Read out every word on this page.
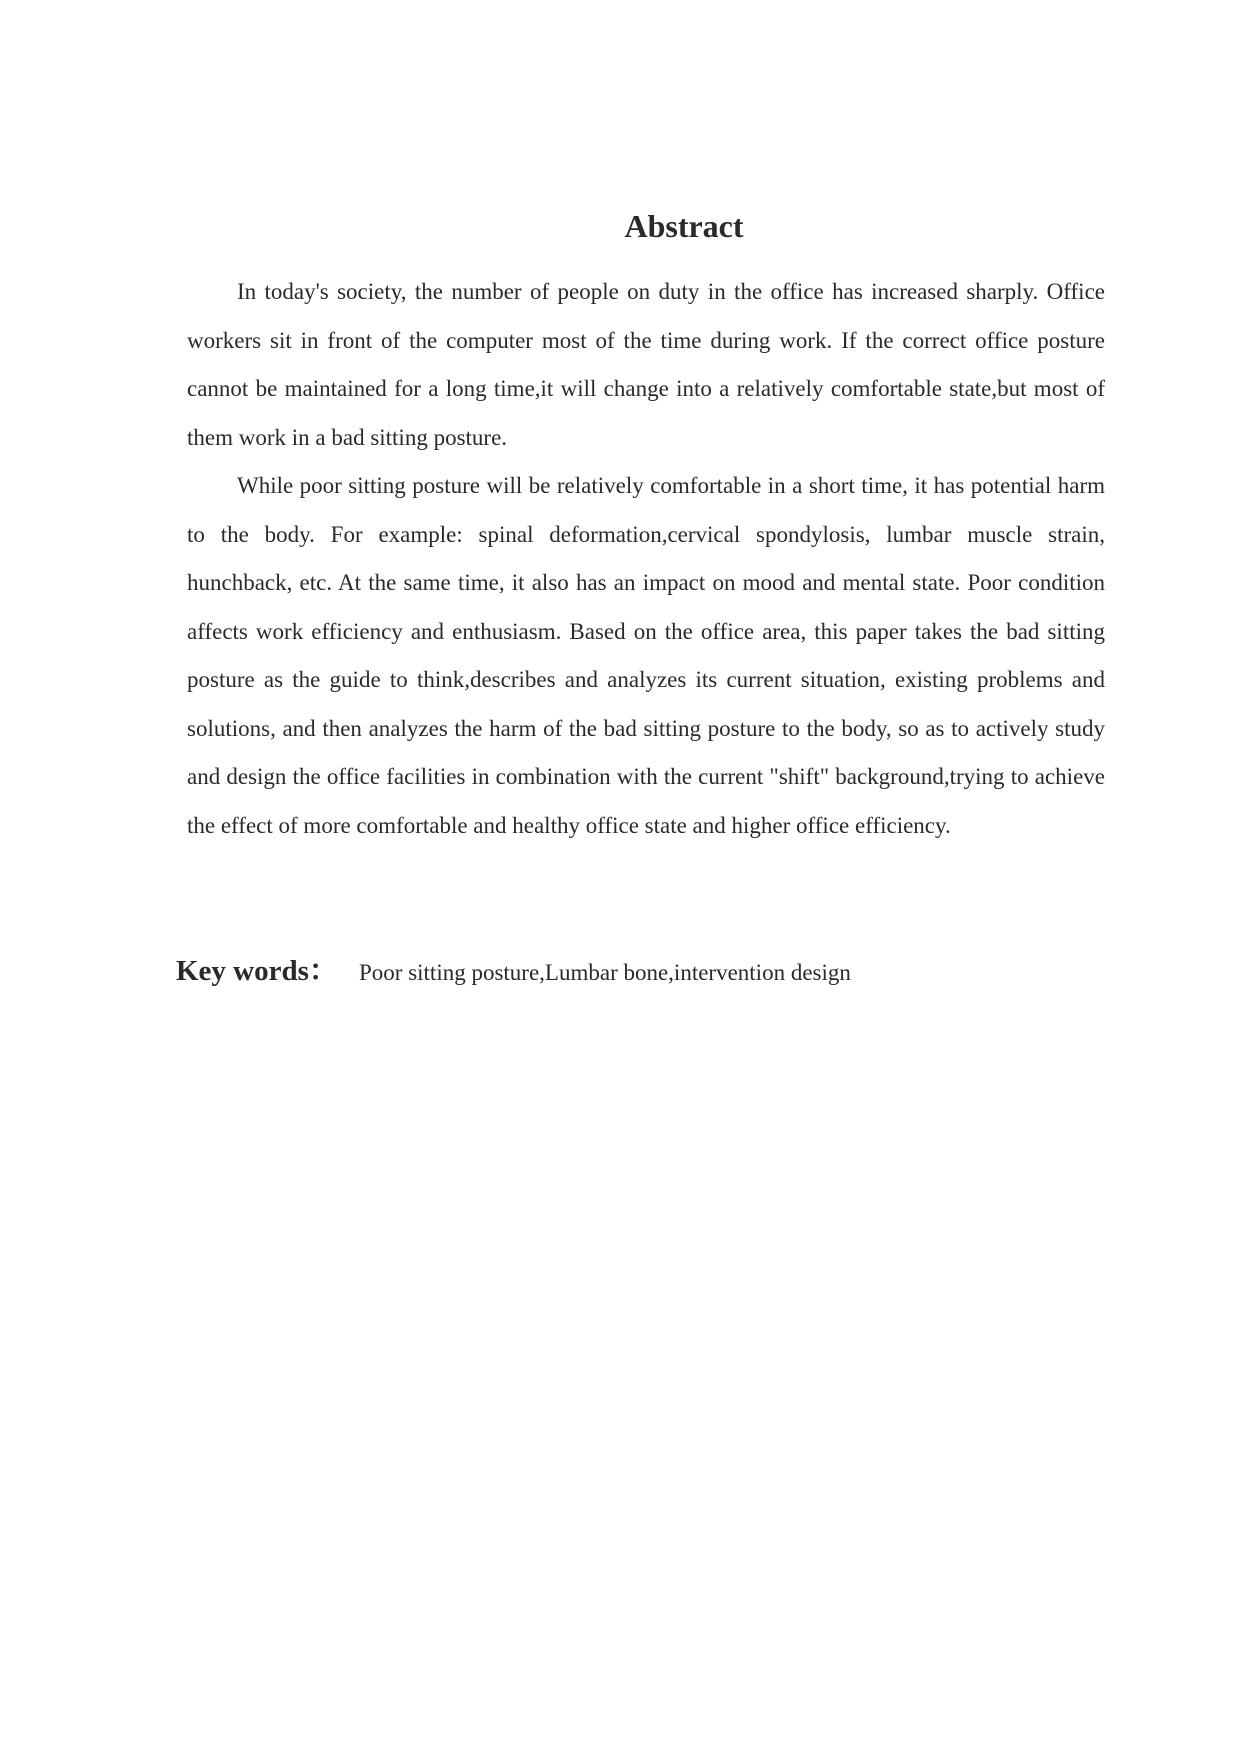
Abstract

In today's society, the number of people on duty in the office has increased sharply. Office workers sit in front of the computer most of the time during work. If the correct office posture cannot be maintained for a long time,it will change into a relatively comfortable state,but most of them work in a bad sitting posture.

While poor sitting posture will be relatively comfortable in a short time, it has potential harm to the body. For example: spinal deformation,cervical spondylosis, lumbar muscle strain, hunchback, etc. At the same time, it also has an impact on mood and mental state. Poor condition affects work efficiency and enthusiasm. Based on the office area, this paper takes the bad sitting posture as the guide to think,describes and analyzes its current situation, existing problems and solutions, and then analyzes the harm of the bad sitting posture to the body, so as to actively study and design the office facilities in combination with the current "shift" background,trying to achieve the effect of more comfortable and healthy office state and higher office efficiency.

Key words： Poor sitting posture,Lumbar bone,intervention design
